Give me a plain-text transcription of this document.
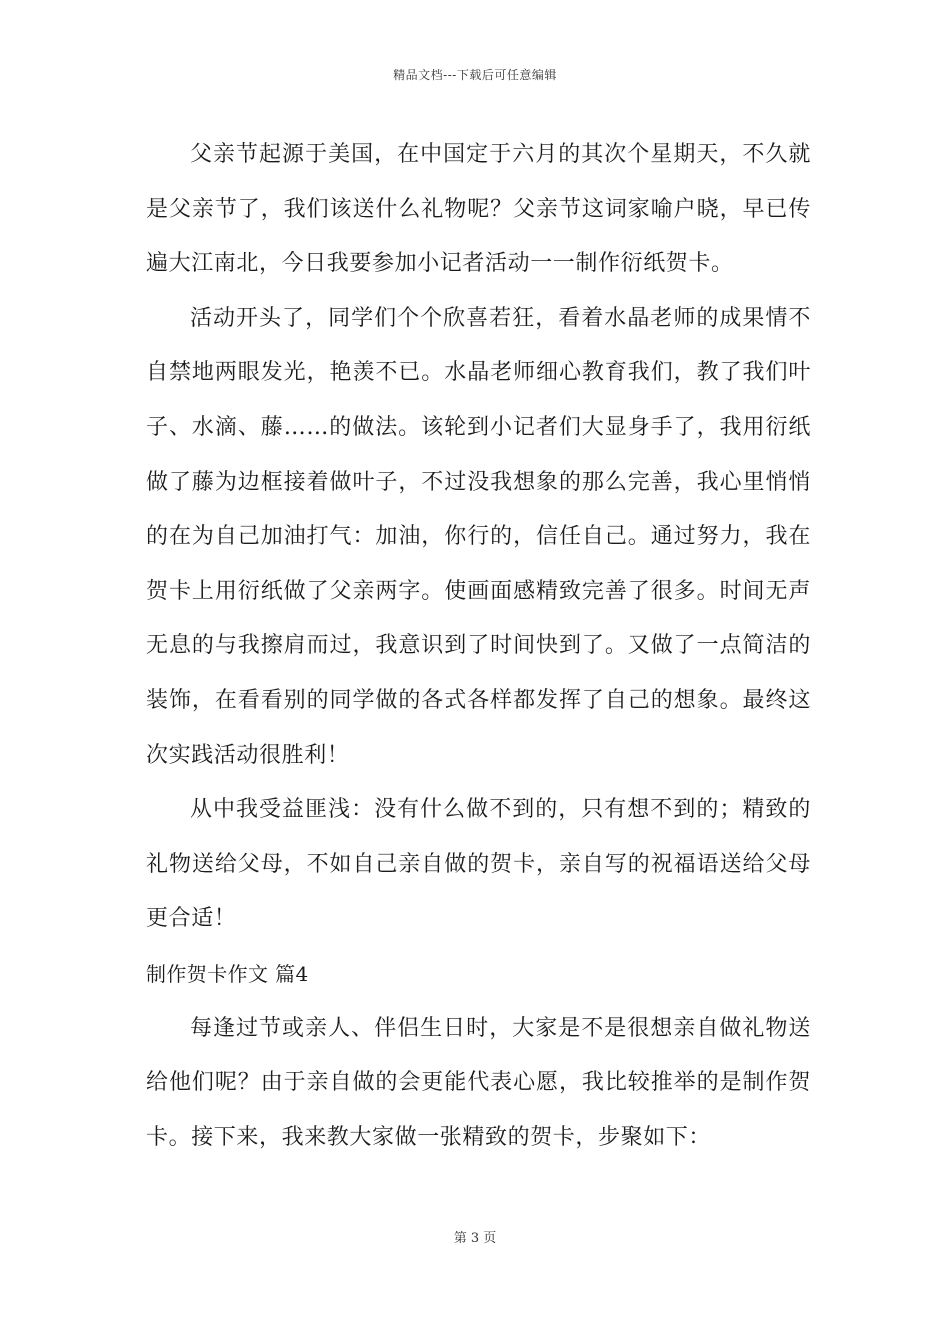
精品文档---下载后可任意编辑

父亲节起源于美国，在中国定于六月的其次个星期天，不久就是父亲节了，我们该送什么礼物呢？父亲节这词家喻户晓，早已传遍大江南北，今日我要参加小记者活动一一制作衍纸贺卡。

活动开头了，同学们个个欣喜若狂，看着水晶老师的成果情不自禁地两眼发光，艳羡不已。水晶老师细心教育我们，教了我们叶子、水滴、藤……的做法。该轮到小记者们大显身手了，我用衍纸做了藤为边框接着做叶子，不过没我想象的那么完善，我心里悄悄的在为自己加油打气：加油，你行的，信任自己。通过努力，我在贺卡上用衍纸做了父亲两字。使画面感精致完善了很多。时间无声无息的与我擦肩而过，我意识到了时间快到了。又做了一点简洁的装饰，在看看别的同学做的各式各样都发挥了自己的想象。最终这次实践活动很胜利！

从中我受益匪浅：没有什么做不到的，只有想不到的；精致的礼物送给父母，不如自己亲自做的贺卡，亲自写的祝福语送给父母更合适！

制作贺卡作文 篇4

每逢过节或亲人、伴侣生日时，大家是不是很想亲自做礼物送给他们呢？由于亲自做的会更能代表心愿，我比较推举的是制作贺卡。接下来，我来教大家做一张精致的贺卡，步聚如下：

第 3 页
